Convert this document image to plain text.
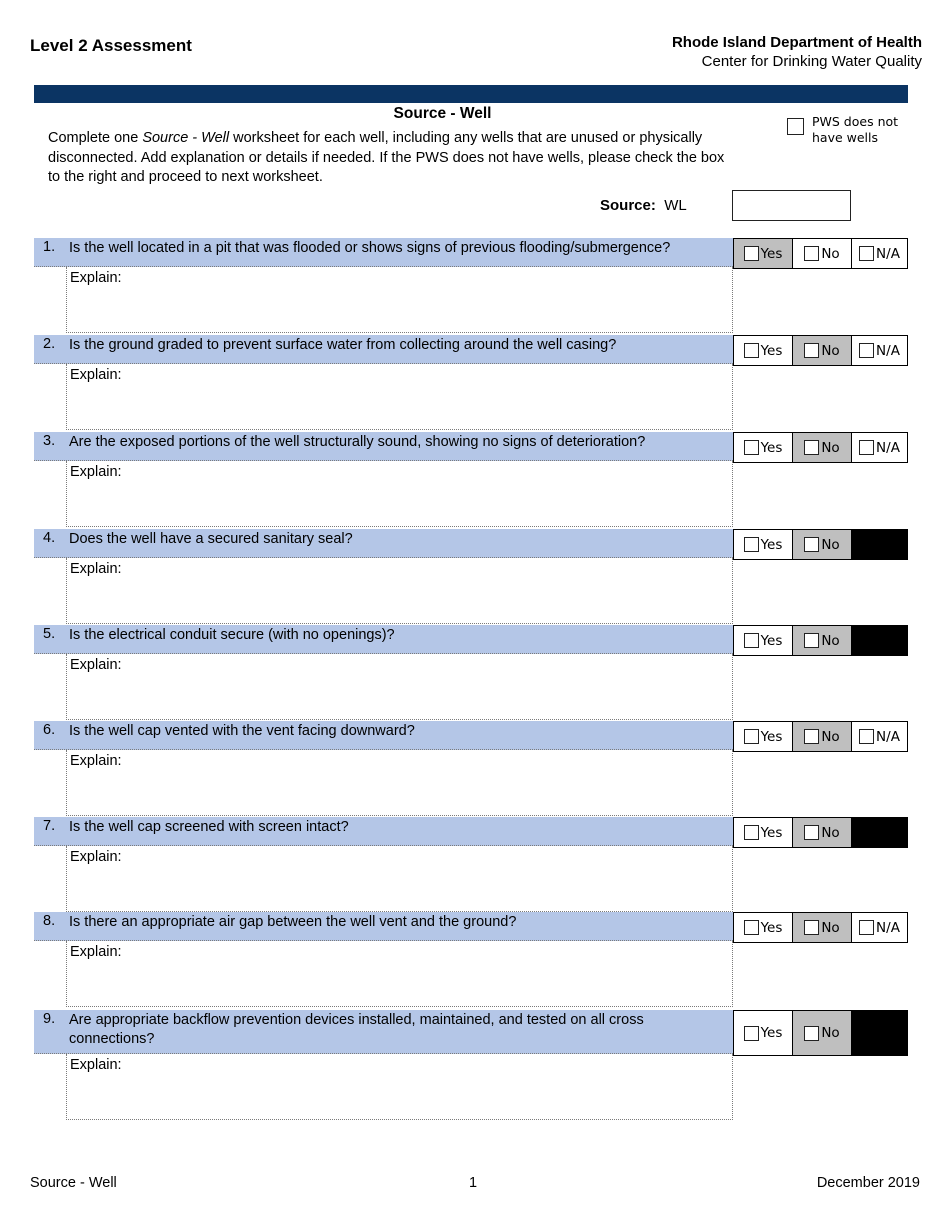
Level 2 Assessment	Rhode Island Department of Health
Center for Drinking Water Quality
Source - Well
Complete one Source - Well worksheet for each well, including any wells that are unused or physically disconnected. Add explanation or details if needed. If the PWS does not have wells, please check the box to the right and proceed to next worksheet.
PWS does not have wells
Source: WL
1. Is the well located in a pit that was flooded or shows signs of previous flooding/submergence?	Yes	No	N/A
Explain:
2. Is the ground graded to prevent surface water from collecting around the well casing?	Yes	No	N/A
Explain:
3. Are the exposed portions of the well structurally sound, showing no signs of deterioration?	Yes	No	N/A
Explain:
4. Does the well have a secured sanitary seal?	Yes	No
Explain:
5. Is the electrical conduit secure (with no openings)?	Yes	No
Explain:
6. Is the well cap vented with the vent facing downward?	Yes	No	N/A
Explain:
7. Is the well cap screened with screen intact?	Yes	No
Explain:
8. Is there an appropriate air gap between the well vent and the ground?	Yes	No	N/A
Explain:
9. Are appropriate backflow prevention devices installed, maintained, and tested on all cross connections?	Yes	No
Explain:
Source - Well	1	December 2019
